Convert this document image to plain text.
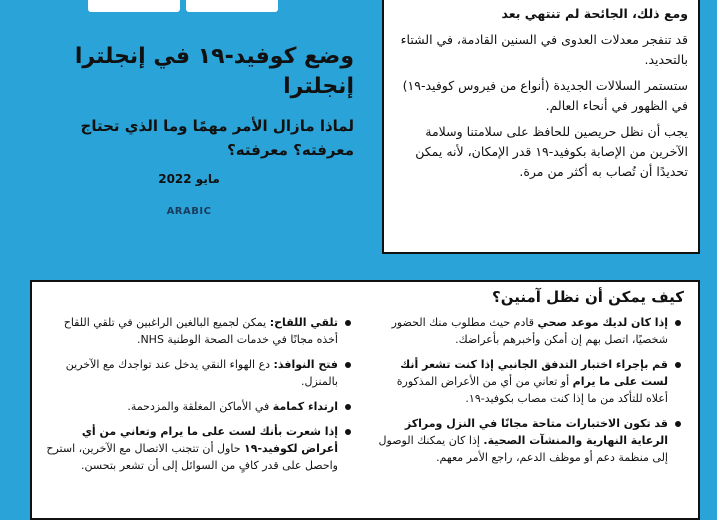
وضع كوفيد-١٩ في إنجلترا إنجلترا

لماذا مازال الأمر مهمًا وما الذي تحتاج معرفته؟ معرفته؟

مايو 2022
ARABIC

ومع ذلك، الجائحة لم تنتهي بعد

قد تنفجر معدلات العدوى في السنين القادمة، في الشتاء بالتحديد.

ستستمر السلالات الجديدة (أنواع من فيروس كوفيد-١٩) في الظهور في أنحاء العالم.

يجب أن نظل حريصين للحافظ على سلامتنا وسلامة الآخرين من الإصابة بكوفيد-١٩ قدر الإمكان، لأنه يمكن تحديدًا أن تُصاب به أكثر من مرة.

كيف يمكن أن نظل آمنين؟
إذا كان لديك موعد صحي قادم حيث مطلوب منك الحضور شخصيًا، اتصل بهم إن أمكن وأخبرهم بأعراضك.
قم بإجراء اختبار التدفق الجانبي إذا كنت تشعر أنك لست على ما يرام أو تعاني من أي من الأعراض المذكورة أعلاه للتأكد من ما إذا كنت مصاب بكوفيد-١٩.
قد تكون الاختبارات متاحة مجانًا في النزل ومراكز الرعاية النهارية والمنشآت الصحية. إذا كان يمكنك الوصول إلى منظمة دعم أو موظف الدعم، راجع الأمر معهم.
تلقي اللقاح: يمكن لجميع البالغين الراغبين في تلقي اللقاح أخذه مجانًا في خدمات الصحة الوطنية NHS.
فتح النوافذ: دع الهواء النقي يدخل عند تواجدك مع الآخرين بالمنزل.
ارتداء كمامة في الأماكن المغلقة والمزدحمة.
إذا شعرت بأنك لست على ما يرام وتعاني من أي أعراض لكوفيد-١٩ حاول أن تتجنب الاتصال مع الآخرين، استرح واحصل على قدر كافٍ من السوائل إلى أن تشعر بتحسن.
